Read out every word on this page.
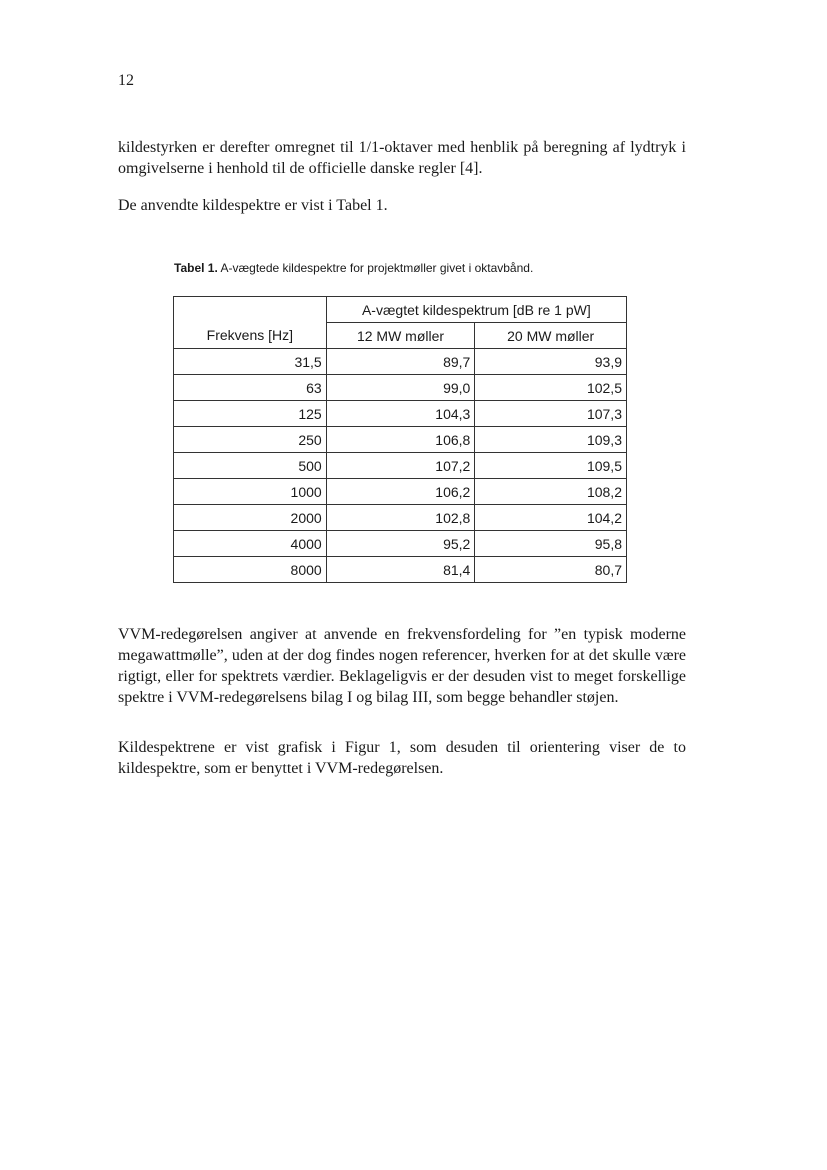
12

kildestyrken er derefter omregnet til 1/1-oktaver med henblik på beregning af lydtryk i omgivelserne i henhold til de officielle danske regler [4].

De anvendte kildespektre er vist i Tabel 1.

Tabel 1. A-vægtede kildespektre for projektmøller givet i oktavbånd.
	A-vægtet kildespektrum [dB re 1 pW]	
Frekvens [Hz]	12 MW møller	20 MW møller
31,5	89,7	93,9
63	99,0	102,5
125	104,3	107,3
250	106,8	109,3
500	107,2	109,5
1000	106,2	108,2
2000	102,8	104,2
4000	95,2	95,8
8000	81,4	80,7

VVM-redegørelsen angiver at anvende en frekvensfordeling for ”en typisk moderne megawattmølle”, uden at der dog findes nogen referencer, hverken for at det skulle være rigtigt, eller for spektrets værdier. Beklageligvis er der desuden vist to meget forskellige spektre i VVM-redegørelsens bilag I og bilag III, som begge behandler støjen.

Kildespektrene er vist grafisk i Figur 1, som desuden til orientering viser de to kildespektre, som er benyttet i VVM-redegørelsen.
